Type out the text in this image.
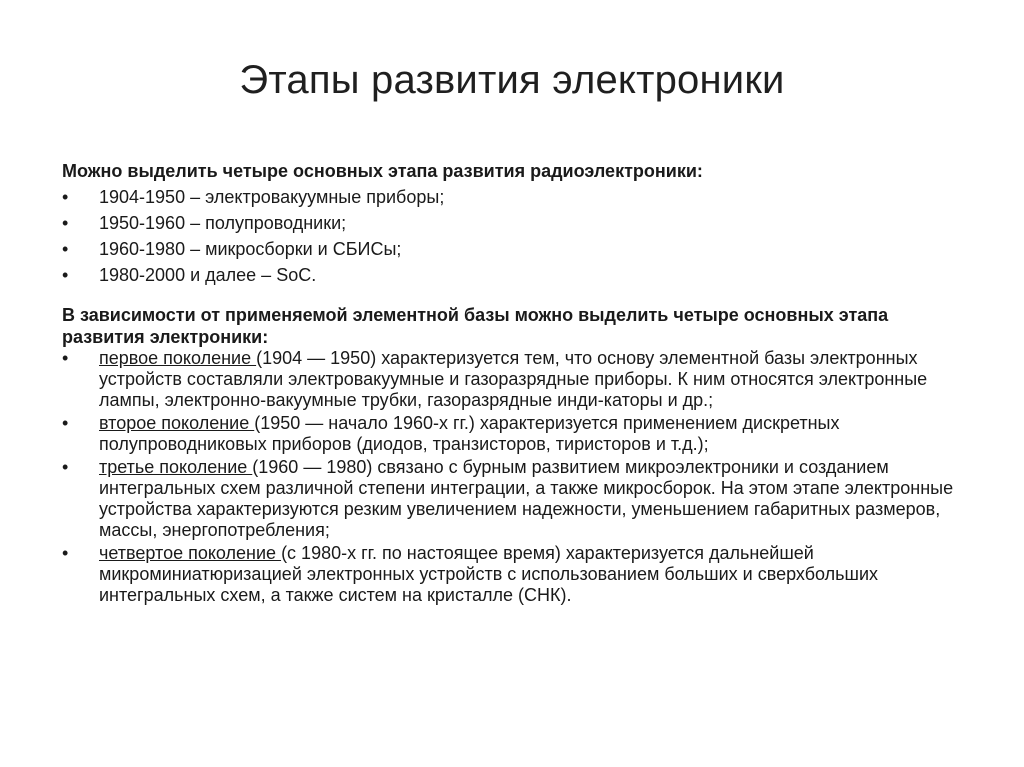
Этапы развития электроники

Можно выделить четыре основных этапа развития радиоэлектроники:

•	1904-1950 – электровакуумные приборы;
•	1950-1960 – полупроводники;
•	1960-1980 – микросборки и СБИСы;
•	1980-2000 и далее – SoC.

В зависимости от применяемой элементной базы можно выделить четыре основных этапа развития электроники:

•	первое поколение (1904 — 1950) характеризуется тем, что основу элементной базы электронных устройств составляли электровакуумные и газоразрядные приборы. К ним относятся электронные лампы, электронно-вакуумные трубки, газоразрядные инди-каторы и др.;
•	второе поколение (1950 — начало 1960-х гг.) характеризуется применением дискретных полупроводниковых приборов (диодов, транзисторов, тиристоров и т.д.);
•	третье поколение (1960 — 1980) связано с бурным развитием микроэлектроники и созданием интегральных схем различной степени интеграции, а также микросборок. На этом этапе электронные устройства характеризуются резким увеличением надежности, уменьшением габаритных размеров, массы, энергопотребления;
•	четвертое поколение (с 1980-х гг. по настоящее время) характеризуется дальнейшей микроминиатюризацией электронных устройств с использованием больших и сверхбольших интегральных схем, а также систем на кристалле (СНК).
